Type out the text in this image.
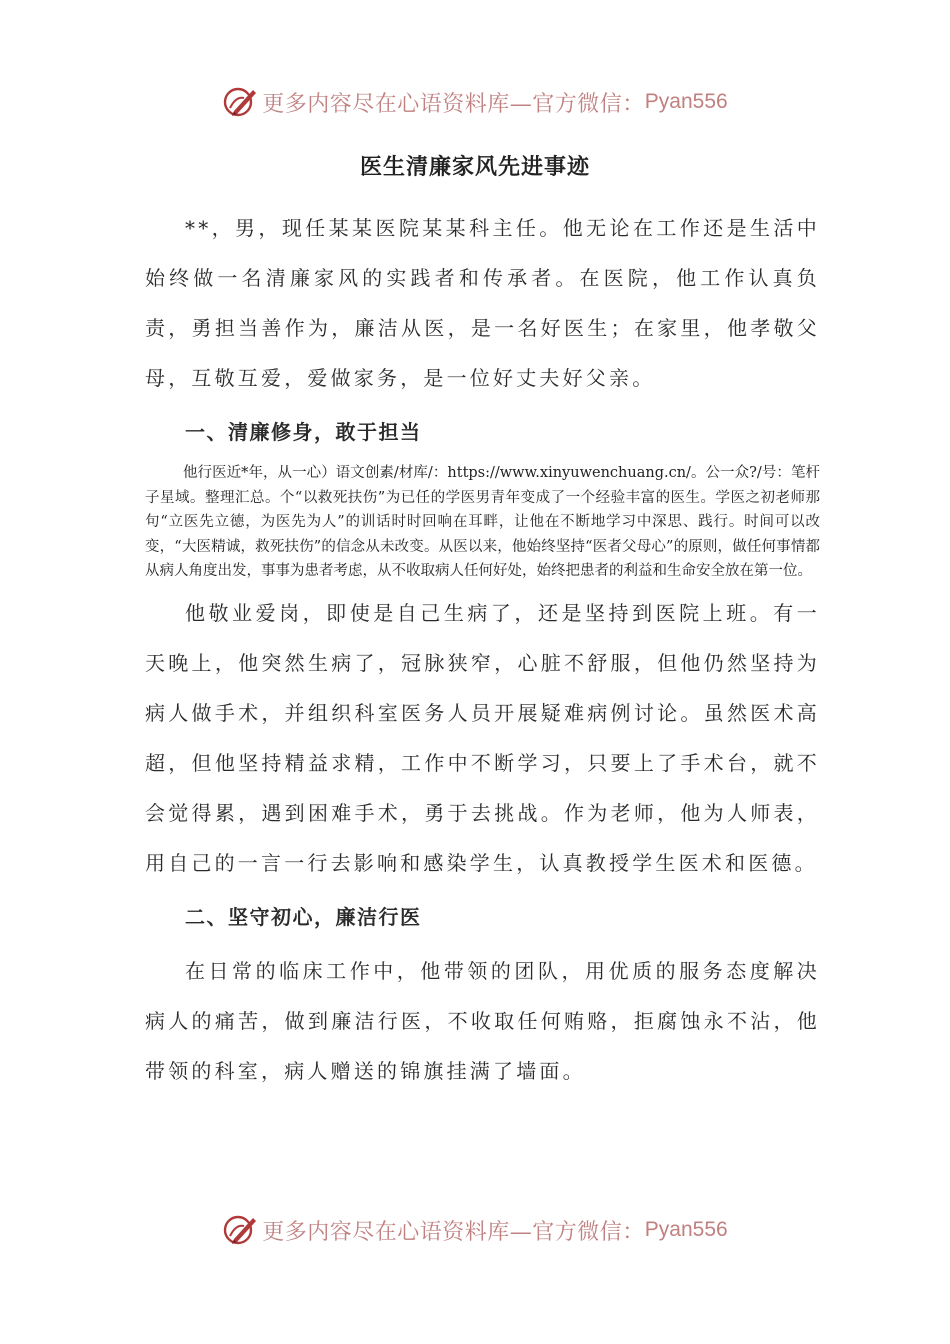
更多内容尽在心语资料库—官方微信： Pyan556
医生清廉家风先进事迹

**，男，现任某某医院某某科主任。他无论在工作还是生活中始终做一名清廉家风的实践者和传承者。在医院，他工作认真负责，勇担当善作为，廉洁从医，是一名好医生；在家里，他孝敬父母，互敬互爱，爱做家务，是一位好丈夫好父亲。

一、清廉修身，敢于担当

他行医近*年，从一心）语文创素/材库/：https://www.xinyuwenchuang.cn/。公一众?/号：笔杆子星域。整理汇总。个“以救死扶伤”为已任的学医男青年变成了一个经验丰富的医生。学医之初老师那句“立医先立德，为医先为人”的训话时时回响在耳畔，让他在不断地学习中深思、践行。时间可以改变，“大医精诚，救死扶伤”的信念从未改变。从医以来，他始终坚持“医者父母心”的原则，做任何事情都从病人角度出发，事事为患者考虑，从不收取病人任何好处，始终把患者的利益和生命安全放在第一位。

他敬业爱岗，即使是自己生病了，还是坚持到医院上班。有一天晚上，他突然生病了，冠脉狭窄，心脏不舒服，但他仍然坚持为病人做手术，并组织科室医务人员开展疑难病例讨论。虽然医术高超，但他坚持精益求精，工作中不断学习，只要上了手术台，就不会觉得累，遇到困难手术，勇于去挑战。作为老师，他为人师表，用自己的一言一行去影响和感染学生，认真教授学生医术和医德。

二、坚守初心，廉洁行医

在日常的临床工作中，他带领的团队，用优质的服务态度解决病人的痛苦，做到廉洁行医，不收取任何贿赂，拒腐蚀永不沾，他带领的科室，病人赠送的锦旗挂满了墙面。

更多内容尽在心语资料库—官方微信： Pyan556
